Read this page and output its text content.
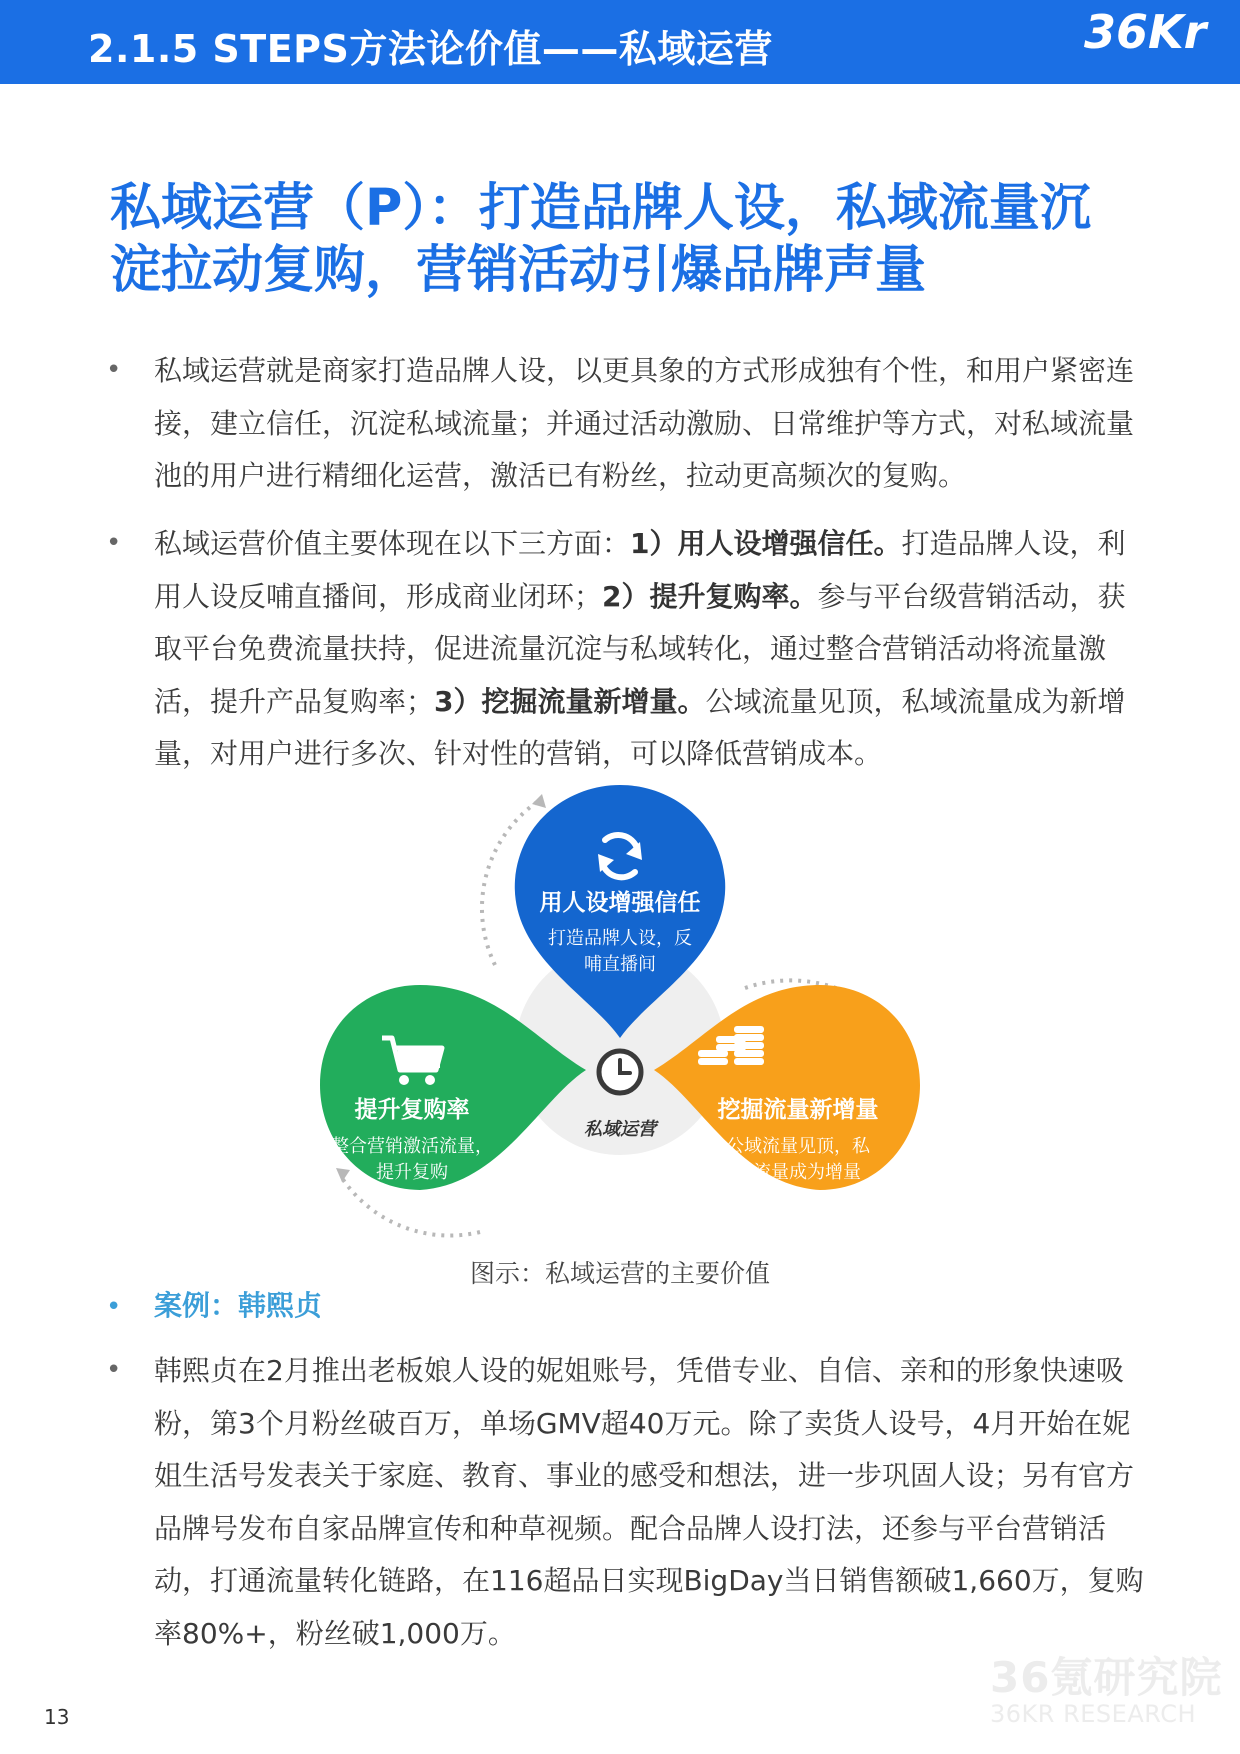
2.1.5 STEPS方法论价值——私域运营	36Kr
私域运营（P）：打造品牌人设，私域流量沉淀拉动复购，营销活动引爆品牌声量
• 私域运营就是商家打造品牌人设，以更具象的方式形成独有个性，和用户紧密连接，建立信任，沉淀私域流量；并通过活动激励、日常维护等方式，对私域流量池的用户进行精细化运营，激活已有粉丝，拉动更高频次的复购。
• 私域运营价值主要体现在以下三方面：1）用人设增强信任。打造品牌人设，利用人设反哺直播间，形成商业闭环；2）提升复购率。参与平台级营销活动，获取平台免费流量扶持，促进流量沉淀与私域转化，通过整合营销活动将流量激活，提升产品复购率；3）挖掘流量新增量。公域流量见顶，私域流量成为新增量，对用户进行多次、针对性的营销，可以降低营销成本。
用人设增强信任
打造品牌人设，反
哺直播间
提升复购率
整合营销激活流量，
提升复购
挖掘流量新增量
公域流量见顶，私
域流量成为增量
私域运营
图示：私域运营的主要价值
• 案例：韩熙贞
• 韩熙贞在2月推出老板娘人设的妮姐账号，凭借专业、自信、亲和的形象快速吸粉，第3个月粉丝破百万，单场GMV超40万元。除了卖货人设号，4月开始在妮姐生活号发表关于家庭、教育、事业的感受和想法，进一步巩固人设；另有官方品牌号发布自家品牌宣传和种草视频。配合品牌人设打法，还参与平台营销活动，打通流量转化链路，在116超品日实现BigDay当日销售额破1,660万，复购率80%+，粉丝破1,000万。
13
36氪研究院
36KR RESEARCH
